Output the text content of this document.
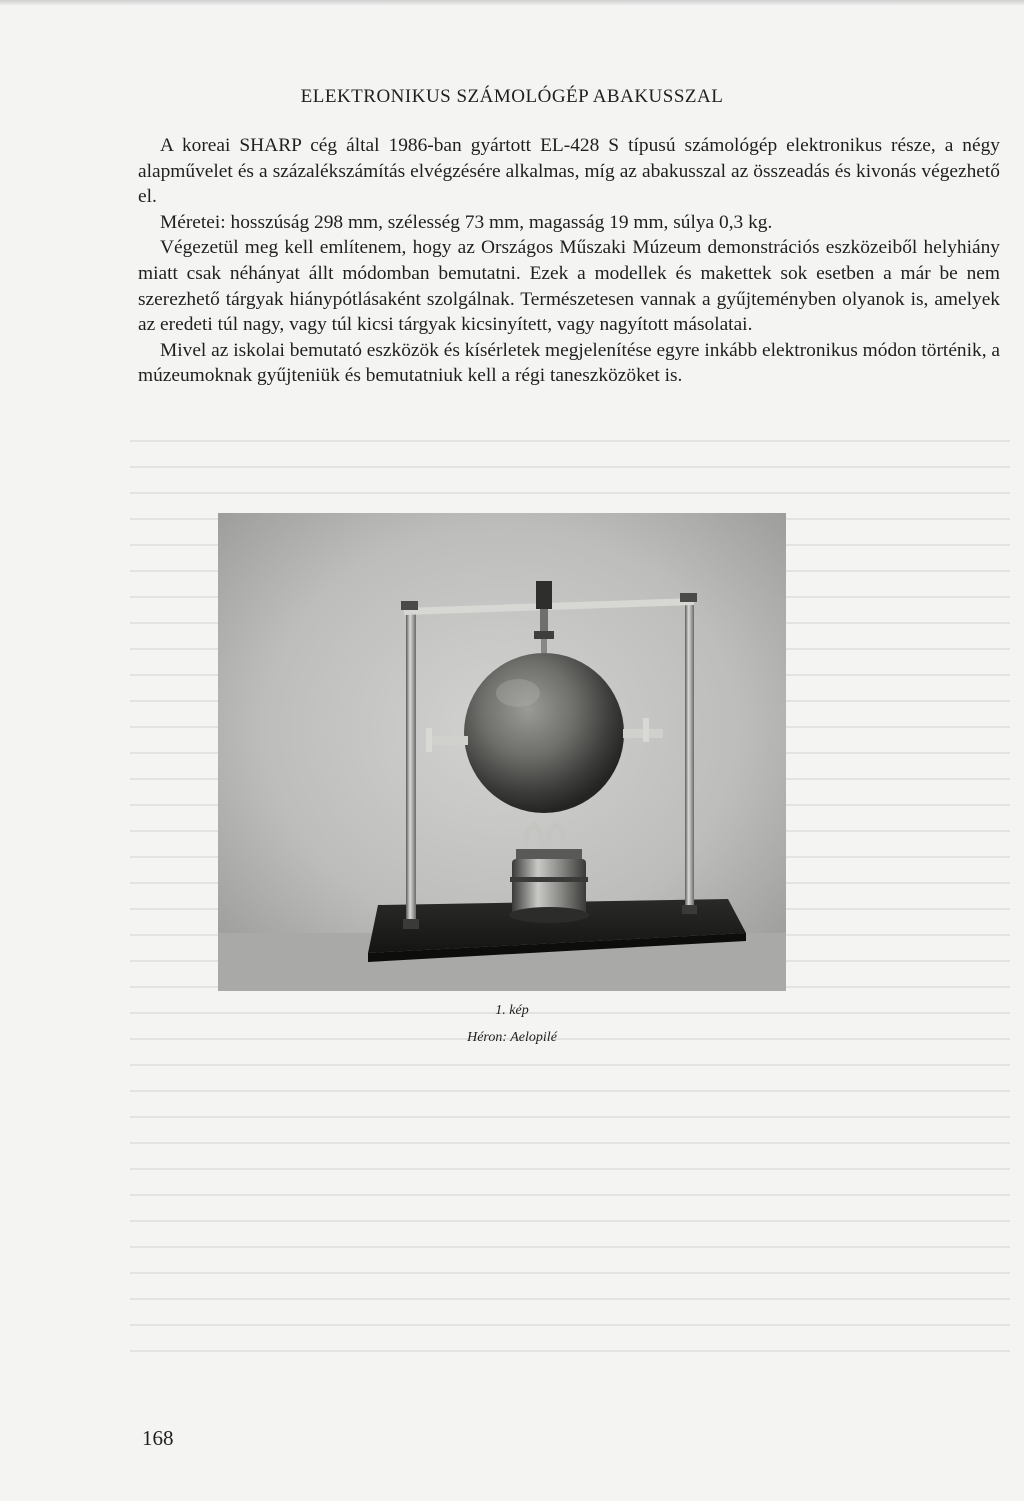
ELEKTRONIKUS SZÁMOLÓGÉP ABAKUSSZAL

A koreai SHARP cég által 1986-ban gyártott EL-428 S típusú számológép elektronikus része, a négy alapművelet és a százalékszámítás elvégzésére alkalmas, míg az abakusszal az összeadás és kivonás végezhető el.

Méretei: hosszúság 298 mm, szélesség 73 mm, magasság 19 mm, súlya 0,3 kg.

Végezetül meg kell említenem, hogy az Országos Műszaki Múzeum demonstrációs eszközeiből helyhiány miatt csak néhányat állt módomban bemutatni. Ezek a modellek és makettek sok esetben a már be nem szerezhető tárgyak hiánypótlásaként szolgálnak. Természetesen vannak a gyűjteményben olyanok is, amelyek az eredeti túl nagy, vagy túl kicsi tárgyak kicsinyített, vagy nagyított másolatai.

Mivel az iskolai bemutató eszközök és kísérletek megjelenítése egyre inkább elektronikus módon történik, a múzeumoknak gyűjteniük és bemutatniuk kell a régi taneszközöket is.

1. kép
Héron: Aelopilé
168
